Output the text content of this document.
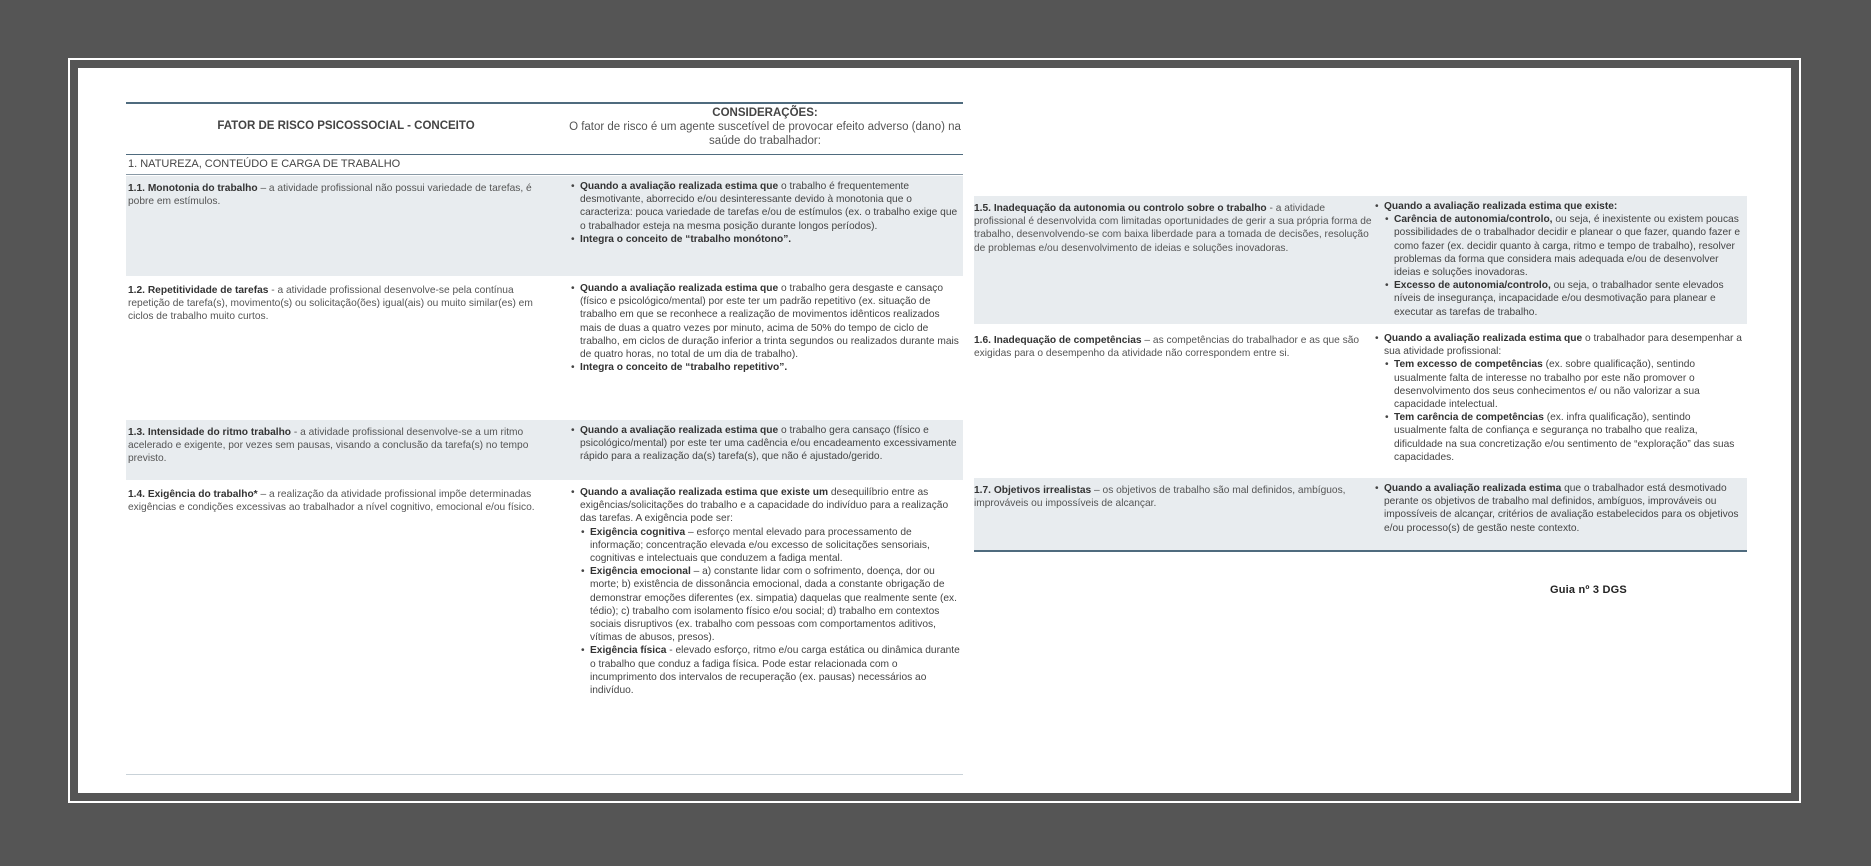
FATOR DE RISCO PSICOSSOCIAL - CONCEITO
CONSIDERAÇÕES:
O fator de risco é um agente suscetível de provocar efeito adverso (dano) na saúde do trabalhador:
1. NATUREZA, CONTEÚDO E CARGA DE TRABALHO
1.1. Monotonia do trabalho – a atividade profissional não possui variedade de tarefas, é pobre em estímulos.
• Quando a avaliação realizada estima que o trabalho é frequentemente desmotivante, aborrecido e/ou desinteressante devido à monotonia que o caracteriza: pouca variedade de tarefas e/ou de estímulos (ex. o trabalho exige que o trabalhador esteja na mesma posição durante longos períodos).
• Integra o conceito de “trabalho monótono”.
1.2. Repetitividade de tarefas - a atividade profissional desenvolve-se pela contínua repetição de tarefa(s), movimento(s) ou solicitação(ões) igual(ais) ou muito similar(es) em ciclos de trabalho muito curtos.
• Quando a avaliação realizada estima que o trabalho gera desgaste e cansaço (físico e psicológico/mental) por este ter um padrão repetitivo (ex. situação de trabalho em que se reconhece a realização de movimentos idênticos realizados mais de duas a quatro vezes por minuto, acima de 50% do tempo de ciclo de trabalho, em ciclos de duração inferior a trinta segundos ou realizados durante mais de quatro horas, no total de um dia de trabalho).
• Integra o conceito de “trabalho repetitivo”.
1.3. Intensidade do ritmo trabalho - a atividade profissional desenvolve-se a um ritmo acelerado e exigente, por vezes sem pausas, visando a conclusão da tarefa(s) no tempo previsto.
• Quando a avaliação realizada estima que o trabalho gera cansaço (físico e psicológico/mental) por este ter uma cadência e/ou encadeamento excessivamente rápido para a realização da(s) tarefa(s), que não é ajustado/gerido.
1.4. Exigência do trabalho* – a realização da atividade profissional impõe determinadas exigências e condições excessivas ao trabalhador a nível cognitivo, emocional e/ou físico.
• Quando a avaliação realizada estima que existe um desequilíbrio entre as exigências/solicitações do trabalho e a capacidade do indivíduo para a realização das tarefas. A exigência pode ser:
• Exigência cognitiva – esforço mental elevado para processamento de informação; concentração elevada e/ou excesso de solicitações sensoriais, cognitivas e intelectuais que conduzem a fadiga mental.
• Exigência emocional – a) constante lidar com o sofrimento, doença, dor ou morte; b) existência de dissonância emocional, dada a constante obrigação de demonstrar emoções diferentes (ex. simpatia) daquelas que realmente sente (ex. tédio); c) trabalho com isolamento físico e/ou social; d) trabalho em contextos sociais disruptivos (ex. trabalho com pessoas com comportamentos aditivos, vítimas de abusos, presos).
• Exigência física - elevado esforço, ritmo e/ou carga estática ou dinâmica durante o trabalho que conduz a fadiga física. Pode estar relacionada com o incumprimento dos intervalos de recuperação (ex. pausas) necessários ao indivíduo.
1.5. Inadequação da autonomia ou controlo sobre o trabalho - a atividade profissional é desenvolvida com limitadas oportunidades de gerir a sua própria forma de trabalho, desenvolvendo-se com baixa liberdade para a tomada de decisões, resolução de problemas e/ou desenvolvimento de ideias e soluções inovadoras.
• Quando a avaliação realizada estima que existe:
• Carência de autonomia/controlo, ou seja, é inexistente ou existem poucas possibilidades de o trabalhador decidir e planear o que fazer, quando fazer e como fazer (ex. decidir quanto à carga, ritmo e tempo de trabalho), resolver problemas da forma que considera mais adequada e/ou de desenvolver ideias e soluções inovadoras.
• Excesso de autonomia/controlo, ou seja, o trabalhador sente elevados níveis de insegurança, incapacidade e/ou desmotivação para planear e executar as tarefas de trabalho.
1.6. Inadequação de competências – as competências do trabalhador e as que são exigidas para o desempenho da atividade não correspondem entre si.
• Quando a avaliação realizada estima que o trabalhador para desempenhar a sua atividade profissional:
• Tem excesso de competências (ex. sobre qualificação), sentindo usualmente falta de interesse no trabalho por este não promover o desenvolvimento dos seus conhecimentos e/ ou não valorizar a sua capacidade intelectual.
• Tem carência de competências (ex. infra qualificação), sentindo usualmente falta de confiança e segurança no trabalho que realiza, dificuldade na sua concretização e/ou sentimento de “exploração” das suas capacidades.
1.7. Objetivos irrealistas – os objetivos de trabalho são mal definidos, ambíguos, improváveis ou impossíveis de alcançar.
• Quando a avaliação realizada estima que o trabalhador está desmotivado perante os objetivos de trabalho mal definidos, ambíguos, improváveis ou impossíveis de alcançar, critérios de avaliação estabelecidos para os objetivos e/ou processo(s) de gestão neste contexto.
Guia nº 3 DGS
